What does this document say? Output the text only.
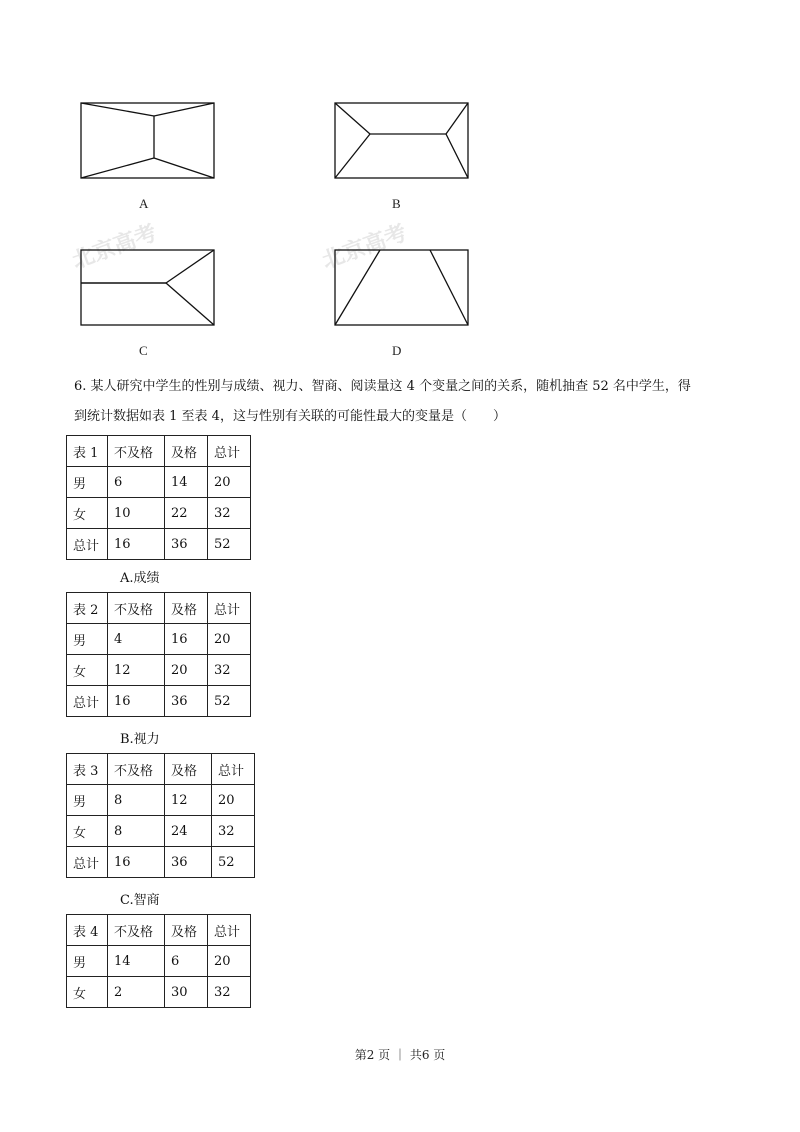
北京高考	北京高考
A	B
C	D
6. 某人研究中学生的性别与成绩、视力、智商、阅读量这 4 个变量之间的关系，随机抽查 52 名中学生，得
到统计数据如表 1 至表 4，这与性别有关联的可能性最大的变量是（　　）
表 1	不及格	及格	总计
男	6	14	20
女	10	22	32
总计	16	36	52
A.成绩
表 2	不及格	及格	总计
男	4	16	20
女	12	20	32
总计	16	36	52
B.视力
表 3	不及格	及格	总计
男	8	12	20
女	8	24	32
总计	16	36	52
C.智商
表 4	不及格	及格	总计
男	14	6	20
女	2	30	32
第2 页 ｜ 共6 页
